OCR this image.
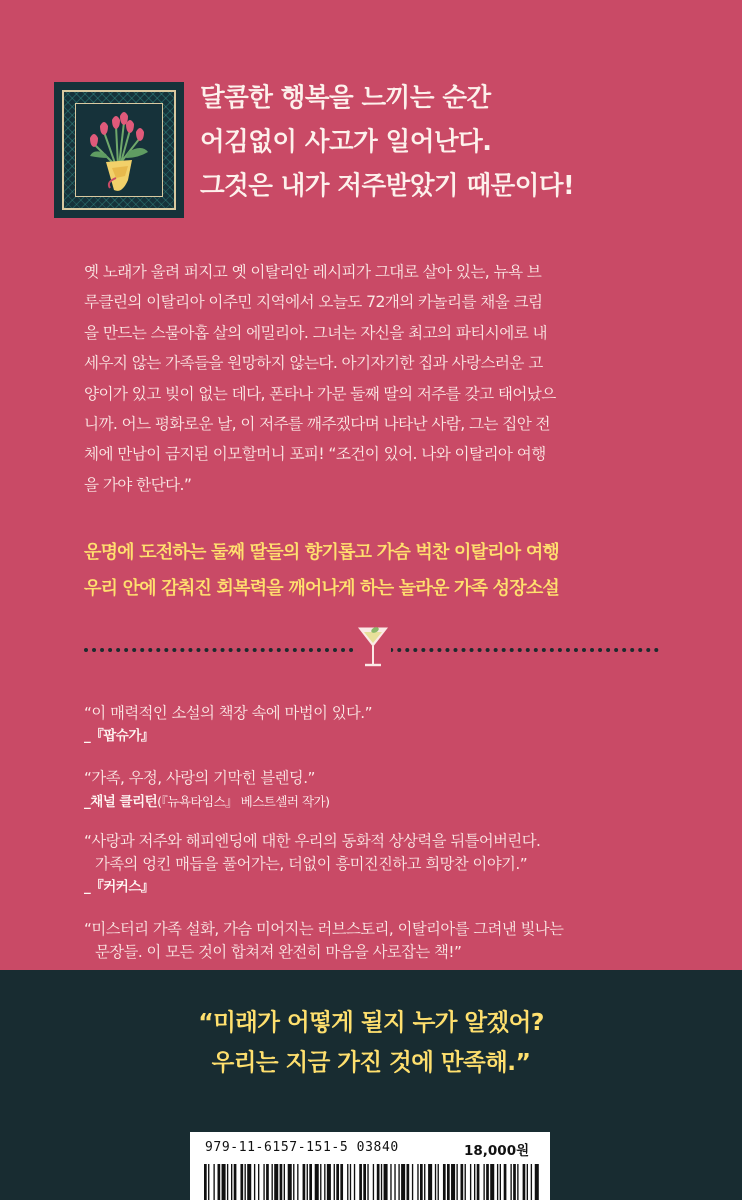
달콤한 행복을 느끼는 순간
어김없이 사고가 일어난다.
그것은 내가 저주받았기 때문이다!
옛 노래가 울려 퍼지고 옛 이탈리안 레시피가 그대로 살아 있는, 뉴욕 브
루클린의 이탈리아 이주민 지역에서 오늘도 72개의 카놀리를 채울 크림
을 만드는 스물아홉 살의 에밀리아. 그녀는 자신을 최고의 파티시에로 내
세우지 않는 가족들을 원망하지 않는다. 아기자기한 집과 사랑스러운 고
양이가 있고 빚이 없는 데다, 폰타나 가문 둘째 딸의 저주를 갖고 태어났으
니까. 어느 평화로운 날, 이 저주를 깨주겠다며 나타난 사람, 그는 집안 전
체에 만남이 금지된 이모할머니 포피! “조건이 있어. 나와 이탈리아 여행
을 가야 한단다.”
운명에 도전하는 둘째 딸들의 향기롭고 가슴 벅찬 이탈리아 여행
우리 안에 감춰진 회복력을 깨어나게 하는 놀라운 가족 성장소설
“이 매력적인 소설의 책장 속에 마법이 있다.”
_『팝슈가』
“가족, 우정, 사랑의 기막힌 블렌딩.”
_채널 클리턴(『뉴욕타임스』 베스트셀러 작가)
“사랑과 저주와 해피엔딩에 대한 우리의 동화적 상상력을 뒤틀어버린다.
가족의 엉킨 매듭을 풀어가는, 더없이 흥미진진하고 희망찬 이야기.”
_『커커스』
“미스터리 가족 설화, 가슴 미어지는 러브스토리, 이탈리아를 그려낸 빛나는
문장들. 이 모든 것이 합쳐져 완전히 마음을 사로잡는 책!”
“미래가 어떻게 될지 누가 알겠어?
우리는 지금 가진 것에 만족해.”
979-11-6157-151-5 03840	18,000원
